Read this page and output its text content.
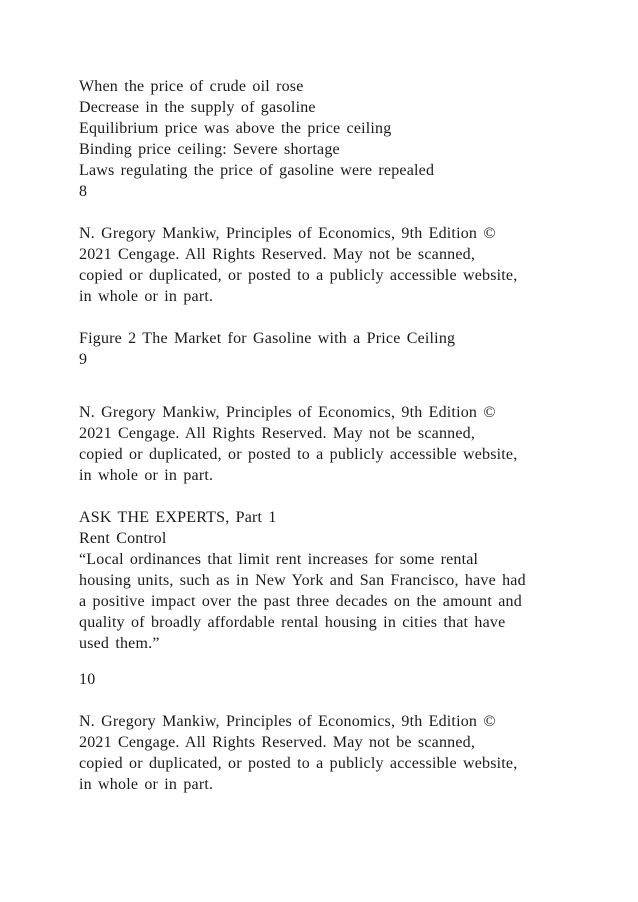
When the price of crude oil rose

Decrease in the supply of gasoline

Equilibrium price was above the price ceiling

Binding price ceiling: Severe shortage

Laws regulating the price of gasoline were repealed

8

N. Gregory Mankiw, Principles of Economics, 9th Edition ©

2021 Cengage. All Rights Reserved. May not be scanned,

copied or duplicated, or posted to a publicly accessible website,

in whole or in part.

Figure 2 The Market for Gasoline with a Price Ceiling

9

N. Gregory Mankiw, Principles of Economics, 9th Edition ©

2021 Cengage. All Rights Reserved. May not be scanned,

copied or duplicated, or posted to a publicly accessible website,

in whole or in part.

ASK THE EXPERTS, Part 1

Rent Control

“Local ordinances that limit rent increases for some rental

housing units, such as in New York and San Francisco, have had

a positive impact over the past three decades on the amount and

quality of broadly affordable rental housing in cities that have

used them.”

10

N. Gregory Mankiw, Principles of Economics, 9th Edition ©

2021 Cengage. All Rights Reserved. May not be scanned,

copied or duplicated, or posted to a publicly accessible website,

in whole or in part.
